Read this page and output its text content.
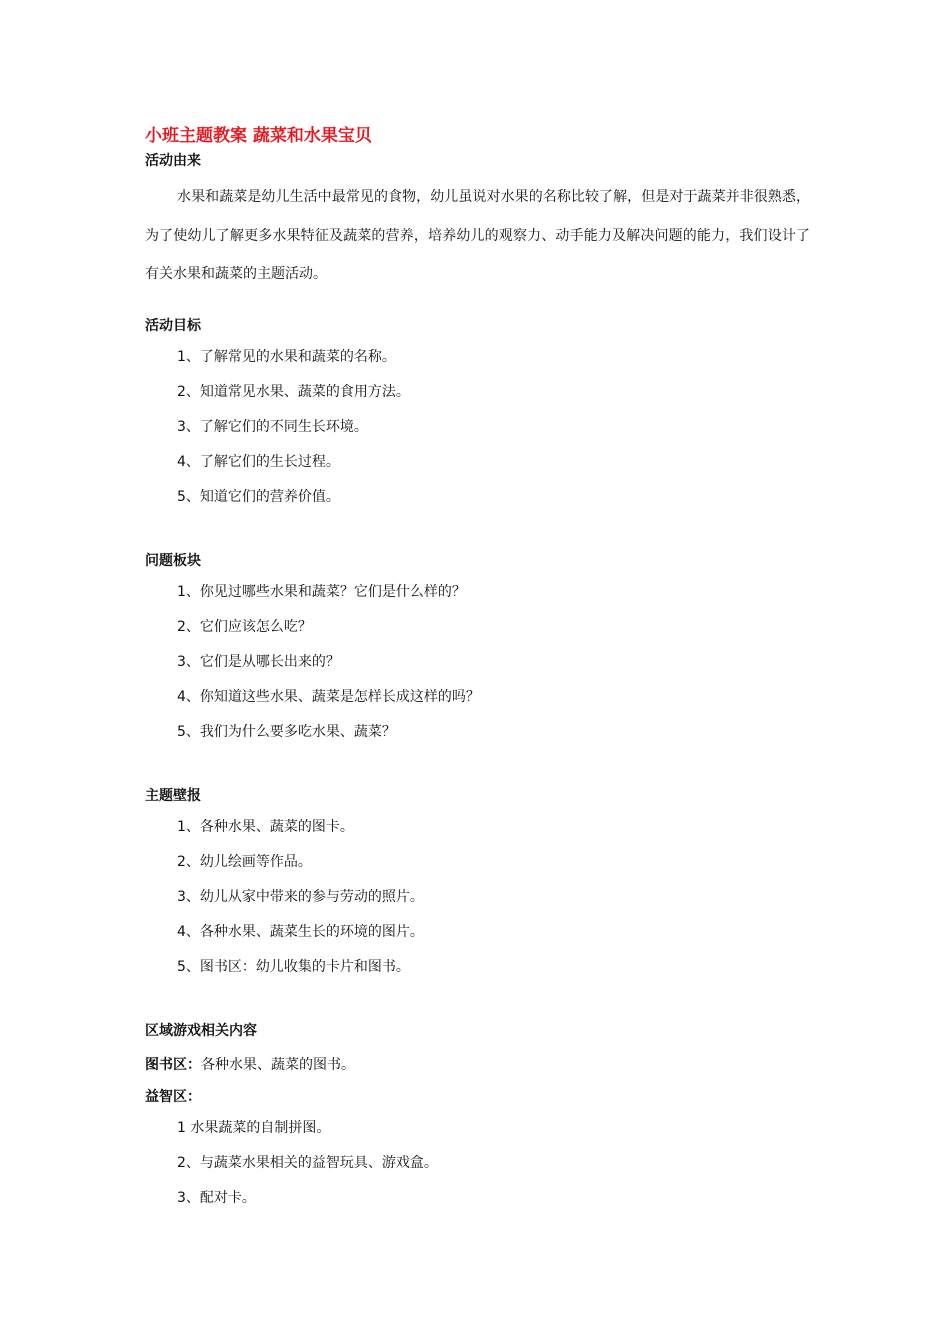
小班主题教案 蔬菜和水果宝贝
活动由来

水果和蔬菜是幼儿生活中最常见的食物，幼儿虽说对水果的名称比较了解，但是对于蔬菜并非很熟悉，为了使幼儿了解更多水果特征及蔬菜的营养，培养幼儿的观察力、动手能力及解决问题的能力，我们设计了有关水果和蔬菜的主题活动。

活动目标
1、了解常见的水果和蔬菜的名称。
2、知道常见水果、蔬菜的食用方法。
3、了解它们的不同生长环境。
4、了解它们的生长过程。
5、知道它们的营养价值。
问题板块
1、你见过哪些水果和蔬菜？它们是什么样的？
2、它们应该怎么吃？
3、它们是从哪长出来的？
4、你知道这些水果、蔬菜是怎样长成这样的吗？
5、我们为什么要多吃水果、蔬菜？
主题壁报
1、各种水果、蔬菜的图卡。
2、幼儿绘画等作品。
3、幼儿从家中带来的参与劳动的照片。
4、各种水果、蔬菜生长的环境的图片。
5、图书区：幼儿收集的卡片和图书。
区域游戏相关内容

图书区：各种水果、蔬菜的图书。

益智区：

1 水果蔬菜的自制拼图。
2、与蔬菜水果相关的益智玩具、游戏盒。
3、配对卡。
